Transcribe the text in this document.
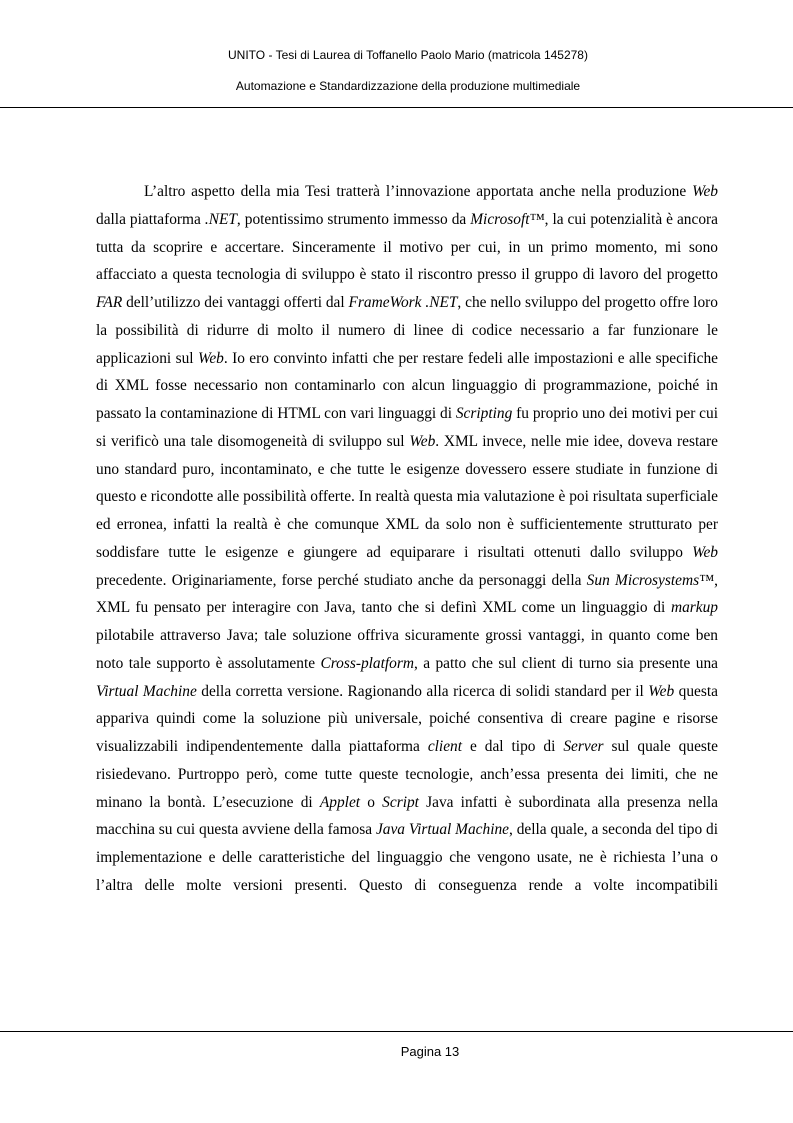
UNITO - Tesi di Laurea di Toffanello Paolo Mario (matricola 145278)
Automazione e Standardizzazione della produzione multimediale

L’altro aspetto della mia Tesi tratterà l’innovazione apportata anche nella produzione Web dalla piattaforma .NET, potentissimo strumento immesso da Microsoft™, la cui potenzialità è ancora tutta da scoprire e accertare. Sinceramente il motivo per cui, in un primo momento, mi sono affacciato a questa tecnologia di sviluppo è stato il riscontro presso il gruppo di lavoro del progetto FAR dell’utilizzo dei vantaggi offerti dal FrameWork .NET, che nello sviluppo del progetto offre loro la possibilità di ridurre di molto il numero di linee di codice necessario a far funzionare le applicazioni sul Web. Io ero convinto infatti che per restare fedeli alle impostazioni e alle specifiche di XML fosse necessario non contaminarlo con alcun linguaggio di programmazione, poiché in passato la contaminazione di HTML con vari linguaggi di Scripting fu proprio uno dei motivi per cui si verificò una tale disomogeneità di sviluppo sul Web. XML invece, nelle mie idee, doveva restare uno standard puro, incontaminato, e che tutte le esigenze dovessero essere studiate in funzione di questo e ricondotte alle possibilità offerte. In realtà questa mia valutazione è poi risultata superficiale ed erronea, infatti la realtà è che comunque XML da solo non è sufficientemente strutturato per soddisfare tutte le esigenze e giungere ad equiparare i risultati ottenuti dallo sviluppo Web precedente. Originariamente, forse perché studiato anche da personaggi della Sun Microsystems™, XML fu pensato per interagire con Java, tanto che si definì XML come un linguaggio di markup pilotabile attraverso Java; tale soluzione offriva sicuramente grossi vantaggi, in quanto come ben noto tale supporto è assolutamente Cross-platform, a patto che sul client di turno sia presente una Virtual Machine della corretta versione. Ragionando alla ricerca di solidi standard per il Web questa appariva quindi come la soluzione più universale, poiché consentiva di creare pagine e risorse visualizzabili indipendentemente dalla piattaforma client e dal tipo di Server sul quale queste risiedevano. Purtroppo però, come tutte queste tecnologie, anch’essa presenta dei limiti, che ne minano la bontà. L’esecuzione di Applet o Script Java infatti è subordinata alla presenza nella macchina su cui questa avviene della famosa Java Virtual Machine, della quale, a seconda del tipo di implementazione e delle caratteristiche del linguaggio che vengono usate, ne è richiesta l’una o l’altra delle molte versioni presenti. Questo di conseguenza rende a volte incompatibili

Pagina 13
